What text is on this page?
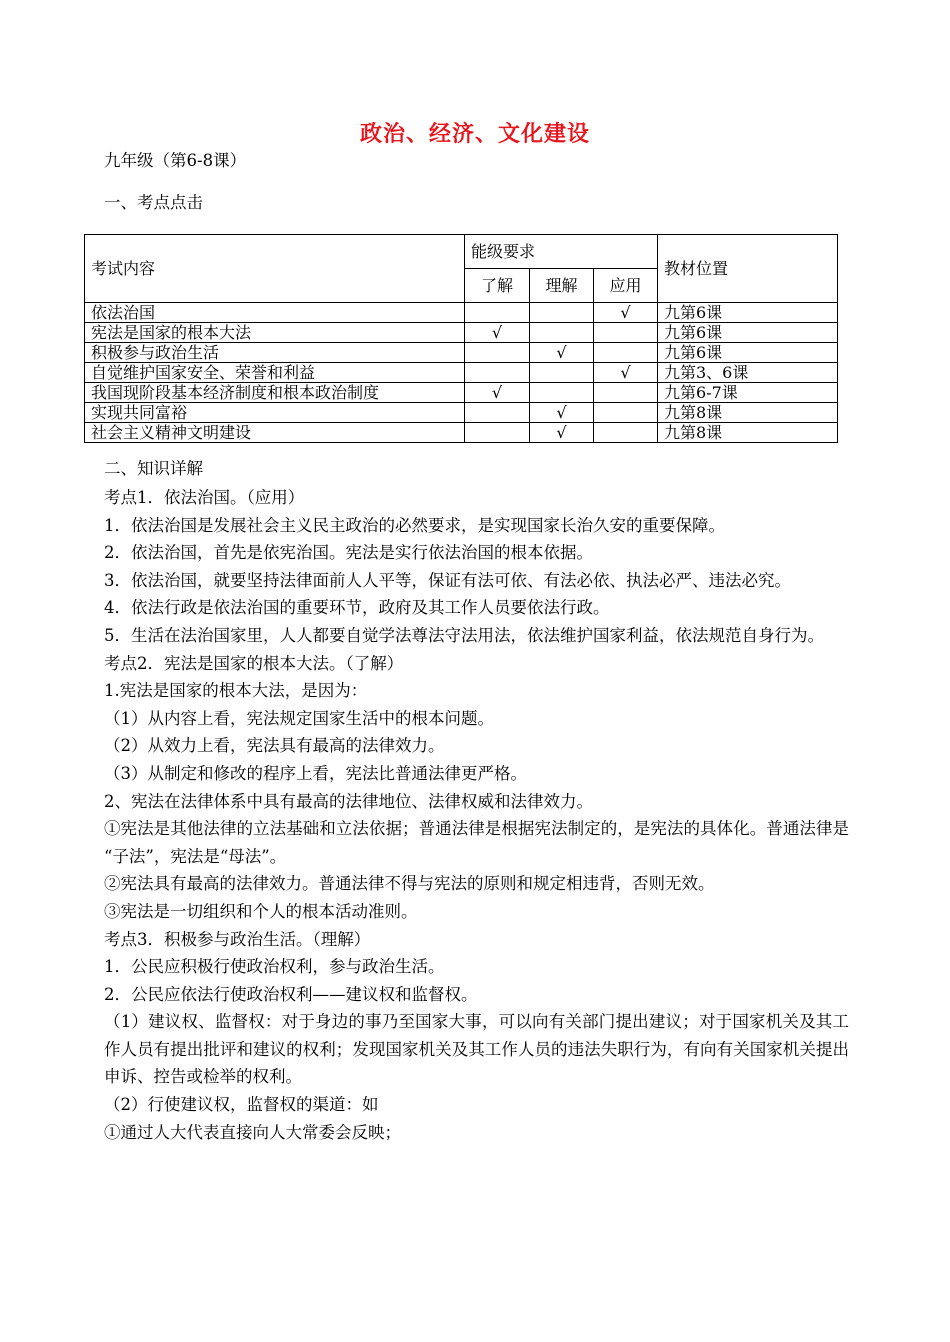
政治、经济、文化建设
九年级（第6-8课）
一、考点点击
考试内容	能级要求			教材位置
	了解	理解	应用	
依法治国			√	九第6课
宪法是国家的根本大法	√			九第6课
积极参与政治生活		√		九第6课
自觉维护国家安全、荣誉和利益			√	九第3、6课
我国现阶段基本经济制度和根本政治制度	√			九第6-7课
实现共同富裕		√		九第8课
社会主义精神文明建设		√		九第8课
二、知识详解

考点1．依法治国。（应用）

1．依法治国是发展社会主义民主政治的必然要求，是实现国家长治久安的重要保障。

2．依法治国，首先是依宪治国。宪法是实行依法治国的根本依据。

3．依法治国，就要坚持法律面前人人平等，保证有法可依、有法必依、执法必严、违法必究。

4．依法行政是依法治国的重要环节，政府及其工作人员要依法行政。

5．生活在法治国家里，人人都要自觉学法尊法守法用法，依法维护国家利益，依法规范自身行为。

考点2．宪法是国家的根本大法。（了解）

1.宪法是国家的根本大法，是因为：

（1）从内容上看，宪法规定国家生活中的根本问题。

（2）从效力上看，宪法具有最高的法律效力。

（3）从制定和修改的程序上看，宪法比普通法律更严格。

2、宪法在法律体系中具有最高的法律地位、法律权威和法律效力。

①宪法是其他法律的立法基础和立法依据；普通法律是根据宪法制定的，是宪法的具体化。普通法律是 “子法”，宪法是“母法”。

②宪法具有最高的法律效力。普通法律不得与宪法的原则和规定相违背，否则无效。

③宪法是一切组织和个人的根本活动准则。

考点3．积极参与政治生活。（理解）

1．公民应积极行使政治权利，参与政治生活。

2．公民应依法行使政治权利——建议权和监督权。

（1）建议权、监督权：对于身边的事乃至国家大事，可以向有关部门提出建议；对于国家机关及其工作人员有提出批评和建议的权利；发现国家机关及其工作人员的违法失职行为，有向有关国家机关提出申诉、控告或检举的权利。

（2）行使建议权，监督权的渠道：如

①通过人大代表直接向人大常委会反映；
